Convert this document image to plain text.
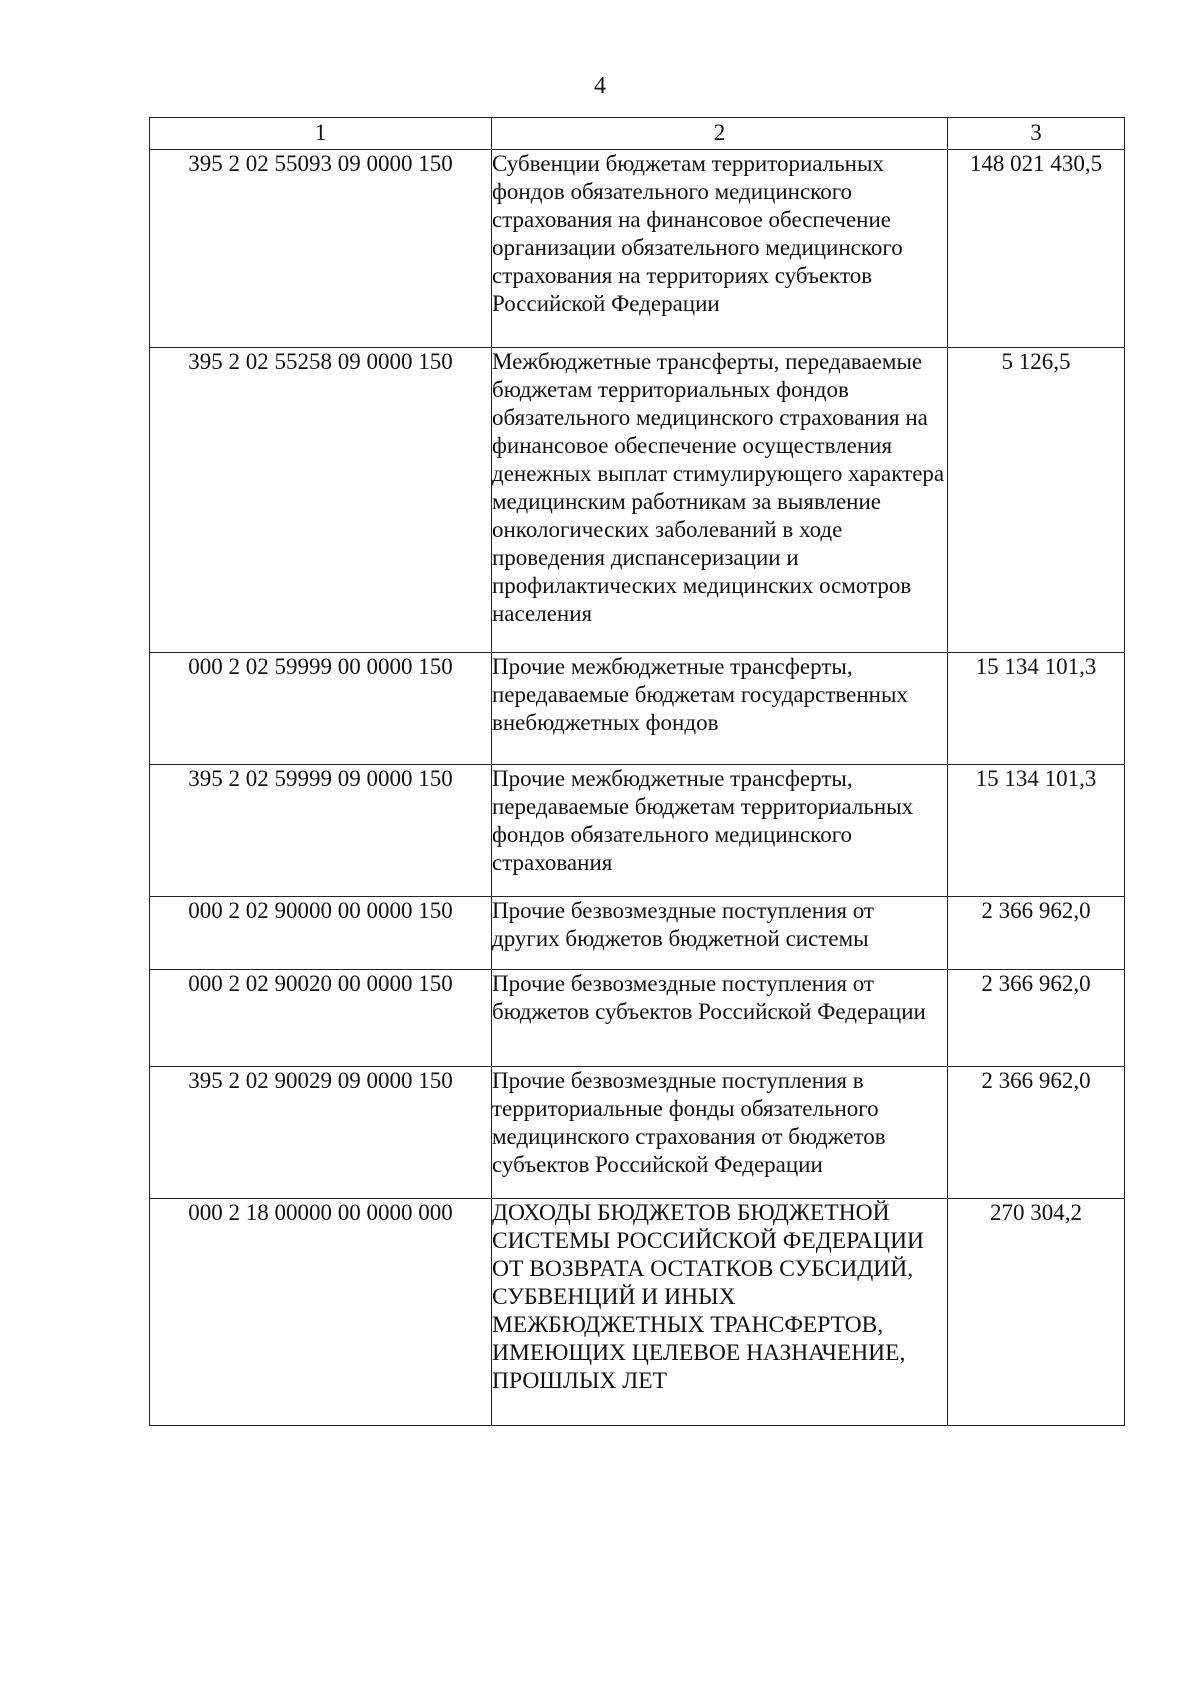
4
1	2	3
395 2 02 55093 09 0000 150	Субвенции бюджетам территориальных фондов обязательного медицинского страхования на финансовое обеспечение организации обязательного медицинского страхования на территориях субъектов Российской Федерации	148 021 430,5
395 2 02 55258 09 0000 150	Межбюджетные трансферты, передаваемые бюджетам территориальных фондов обязательного медицинского страхования на финансовое обеспечение осуществления денежных выплат стимулирующего характера медицинским работникам за выявление онкологических заболеваний в ходе проведения диспансеризации и профилактических медицинских осмотров населения	5 126,5
000 2 02 59999 00 0000 150	Прочие межбюджетные трансферты, передаваемые бюджетам государственных внебюджетных фондов	15 134 101,3
395 2 02 59999 09 0000 150	Прочие межбюджетные трансферты, передаваемые бюджетам территориальных фондов обязательного медицинского страхования	15 134 101,3
000 2 02 90000 00 0000 150	Прочие безвозмездные поступления от других бюджетов бюджетной системы	2 366 962,0
000 2 02 90020 00 0000 150	Прочие безвозмездные поступления от бюджетов субъектов Российской Федерации	2 366 962,0
395 2 02 90029 09 0000 150	Прочие безвозмездные поступления в территориальные фонды обязательного медицинского страхования от бюджетов субъектов Российской Федерации	2 366 962,0
000 2 18 00000 00 0000 000	ДОХОДЫ БЮДЖЕТОВ БЮДЖЕТНОЙ СИСТЕМЫ РОССИЙСКОЙ ФЕДЕРАЦИИ ОТ ВОЗВРАТА ОСТАТКОВ СУБСИДИЙ, СУБВЕНЦИЙ И ИНЫХ МЕЖБЮДЖЕТНЫХ ТРАНСФЕРТОВ, ИМЕЮЩИХ ЦЕЛЕВОЕ НАЗНАЧЕНИЕ, ПРОШЛЫХ ЛЕТ	270 304,2
